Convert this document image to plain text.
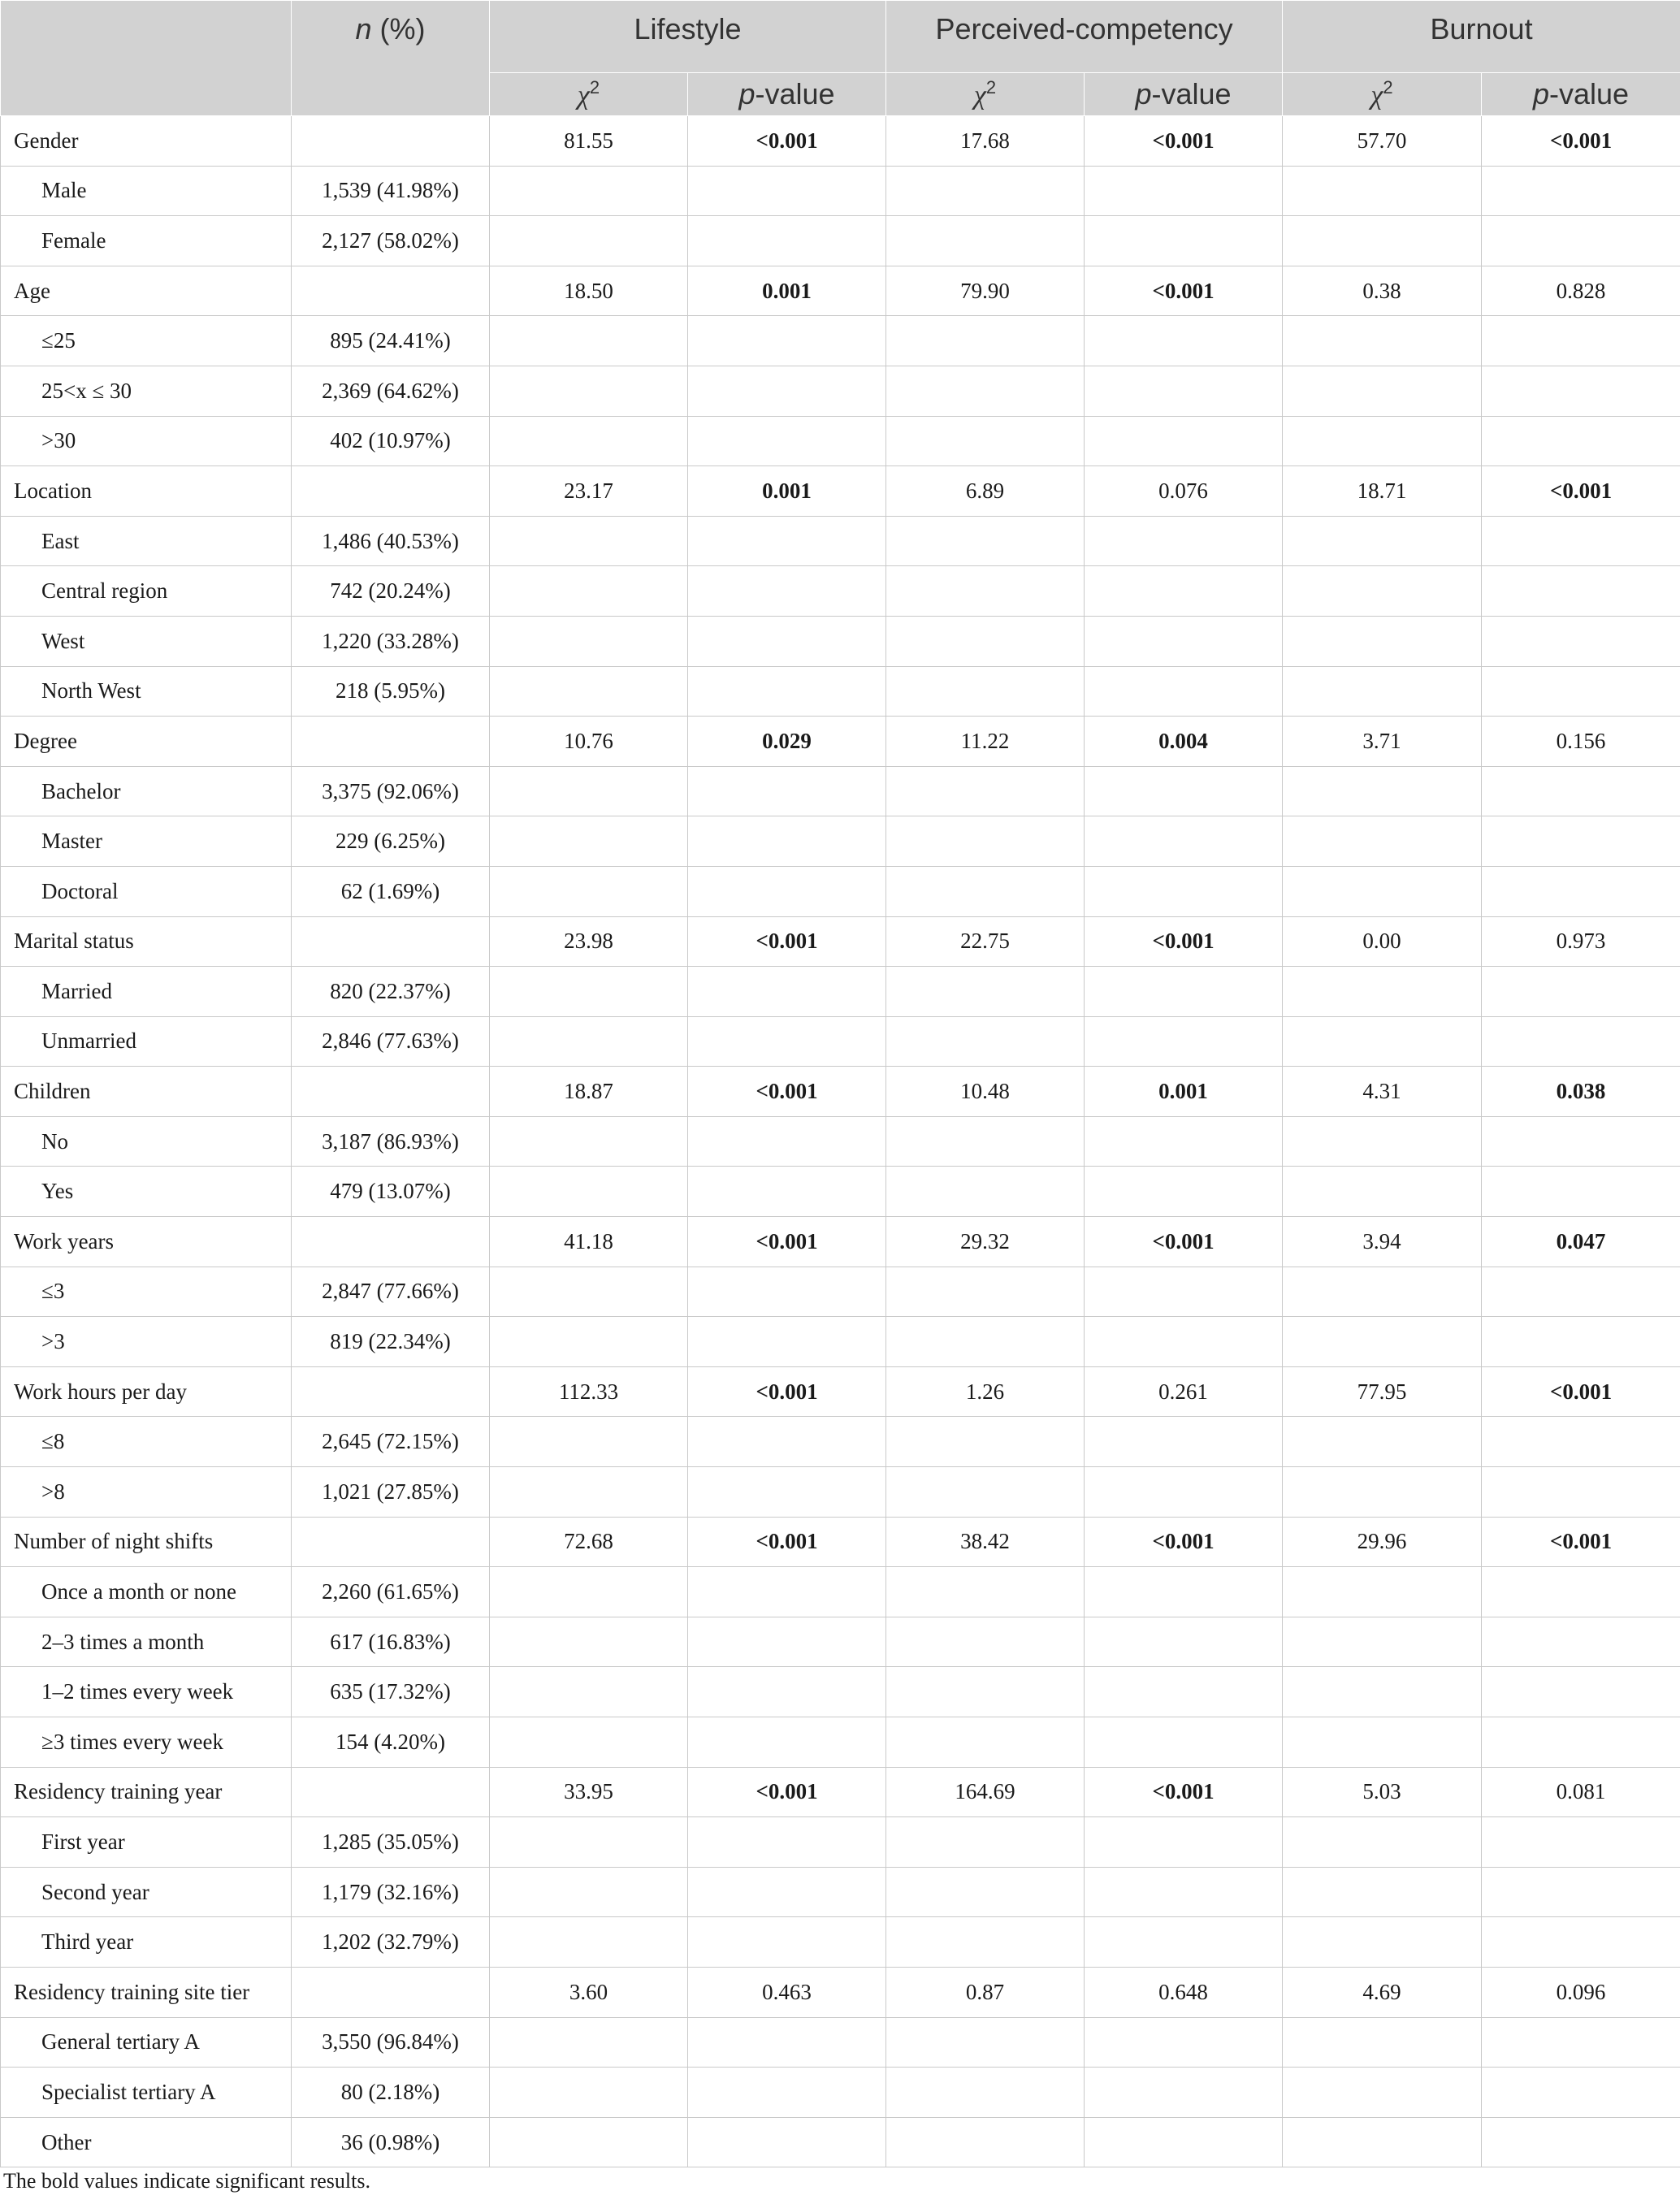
	n (%)	Lifestyle		Perceived-competency		Burnout	
		$\chi^2$	p-value	$\chi^2$	p-value	$\chi^2$	p-value
Gender		81.55	<0.001	17.68	<0.001	57.70	<0.001
Male	1,539 (41.98%)						
Female	2,127 (58.02%)						
Age		18.50	0.001	79.90	<0.001	0.38	0.828
≤25	895 (24.41%)						
25<x ≤ 30	2,369 (64.62%)						
>30	402 (10.97%)						
Location		23.17	0.001	6.89	0.076	18.71	<0.001
East	1,486 (40.53%)						
Central region	742 (20.24%)						
West	1,220 (33.28%)						
North West	218 (5.95%)						
Degree		10.76	0.029	11.22	0.004	3.71	0.156
Bachelor	3,375 (92.06%)						
Master	229 (6.25%)						
Doctoral	62 (1.69%)						
Marital status		23.98	<0.001	22.75	<0.001	0.00	0.973
Married	820 (22.37%)						
Unmarried	2,846 (77.63%)						
Children		18.87	<0.001	10.48	0.001	4.31	0.038
No	3,187 (86.93%)						
Yes	479 (13.07%)						
Work years		41.18	<0.001	29.32	<0.001	3.94	0.047
≤3	2,847 (77.66%)						
>3	819 (22.34%)						
Work hours per day		112.33	<0.001	1.26	0.261	77.95	<0.001
≤8	2,645 (72.15%)						
>8	1,021 (27.85%)						
Number of night shifts		72.68	<0.001	38.42	<0.001	29.96	<0.001
Once a month or none	2,260 (61.65%)						
2–3 times a month	617 (16.83%)						
1–2 times every week	635 (17.32%)						
≥3 times every week	154 (4.20%)						
Residency training year		33.95	<0.001	164.69	<0.001	5.03	0.081
First year	1,285 (35.05%)						
Second year	1,179 (32.16%)						
Third year	1,202 (32.79%)						
Residency training site tier		3.60	0.463	0.87	0.648	4.69	0.096
General tertiary A	3,550 (96.84%)						
Specialist tertiary A	80 (2.18%)						
Other	36 (0.98%)						
The bold values indicate significant results.
